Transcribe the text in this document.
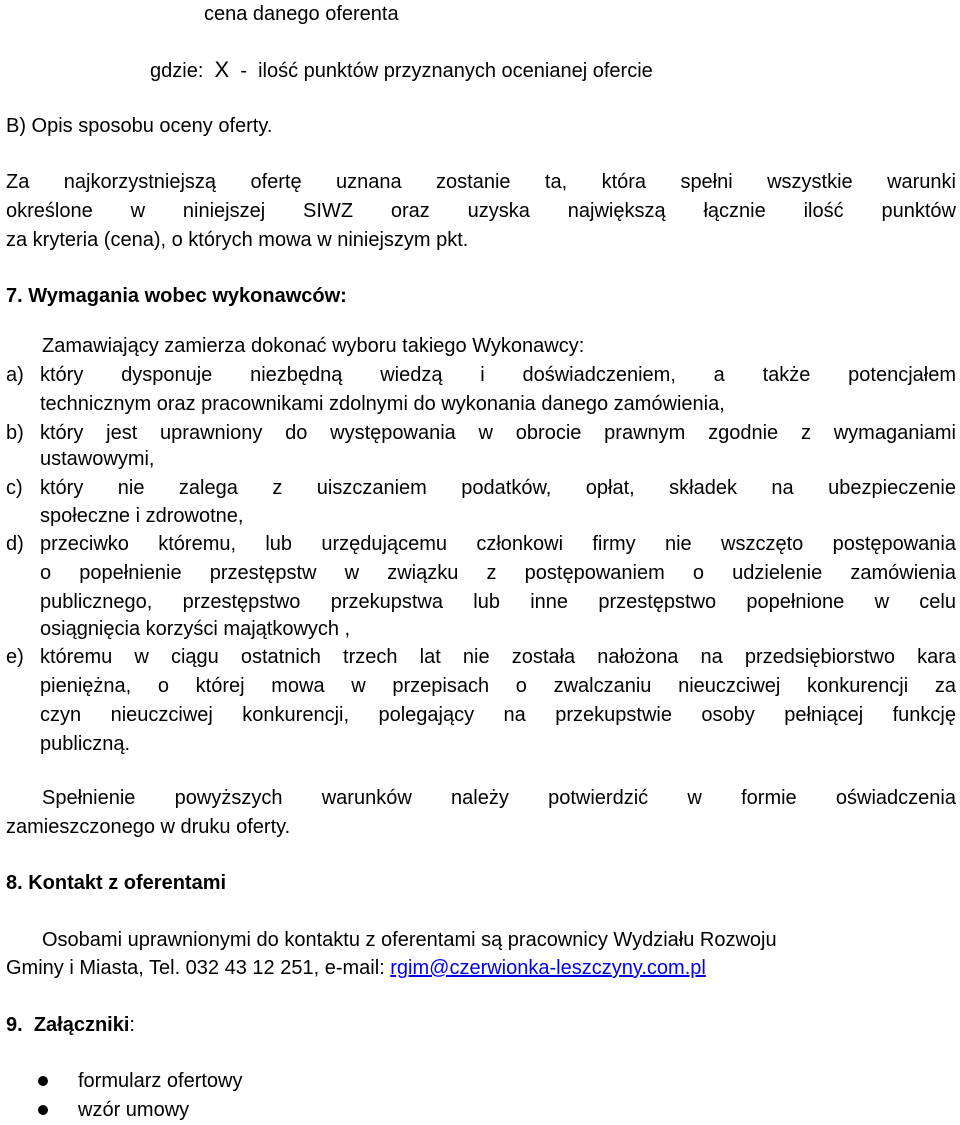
cena danego oferenta
gdzie: X - ilość punktów przyznanych ocenianej ofercie
B) Opis sposobu oceny oferty.
Za najkorzystniejszą ofertę uznana zostanie ta, która spełni wszystkie warunki
określone w niniejszej SIWZ oraz uzyska największą łącznie ilość punktów
za kryteria (cena), o których mowa w niniejszym pkt.
7. Wymagania wobec wykonawców:
Zamawiający zamierza dokonać wyboru takiego Wykonawcy:
a) który dysponuje niezbędną wiedzą i doświadczeniem, a także potencjałem
technicznym oraz pracownikami zdolnymi do wykonania danego zamówienia,
b) który jest uprawniony do występowania w obrocie prawnym zgodnie z wymaganiami
ustawowymi,
c) który nie zalega z uiszczaniem podatków, opłat, składek na ubezpieczenie
społeczne i zdrowotne,
d) przeciwko któremu, lub urzędującemu członkowi firmy nie wszczęto postępowania
o popełnienie przestępstw w związku z postępowaniem o udzielenie zamówienia
publicznego, przestępstwo przekupstwa lub inne przestępstwo popełnione w celu
osiągnięcia korzyści majątkowych ,
e) któremu w ciągu ostatnich trzech lat nie została nałożona na przedsiębiorstwo kara
pieniężna, o której mowa w przepisach o zwalczaniu nieuczciwej konkurencji za
czyn nieuczciwej konkurencji, polegający na przekupstwie osoby pełniącej funkcję
publiczną.
Spełnienie powyższych warunków należy potwierdzić w formie oświadczenia
zamieszczonego w druku oferty.
8. Kontakt z oferentami
Osobami uprawnionymi do kontaktu z oferentami są pracownicy Wydziału Rozwoju
Gminy i Miasta, Tel. 032 43 12 251, e-mail: rgim@czerwionka-leszczyny.com.pl
9. Załączniki:
formularz ofertowy
wzór umowy
